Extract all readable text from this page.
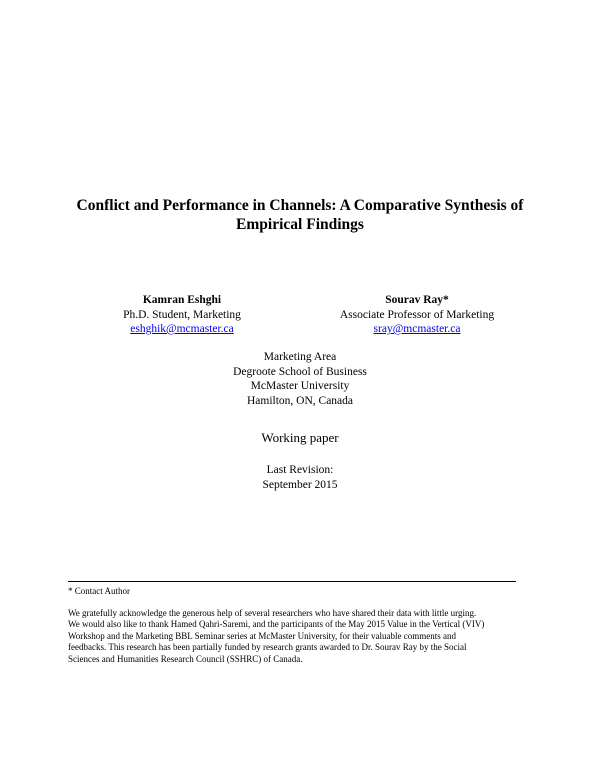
Conflict and Performance in Channels: A Comparative Synthesis of
Empirical Findings
Kamran Eshghi
Ph.D. Student, Marketing
eshghik@mcmaster.ca
Sourav Ray*
Associate Professor of Marketing
sray@mcmaster.ca
Marketing Area
Degroote School of Business
McMaster University
Hamilton, ON, Canada
Working paper
Last Revision:
September 2015
* Contact Author
We gratefully acknowledge the generous help of several researchers who have shared their data with little urging.
We would also like to thank Hamed Qahri-Saremi, and the participants of the May 2015 Value in the Vertical (VIV)
Workshop and the Marketing BBL Seminar series at McMaster University, for their valuable comments and
feedbacks. This research has been partially funded by research grants awarded to Dr. Sourav Ray by the Social
Sciences and Humanities Research Council (SSHRC) of Canada.
